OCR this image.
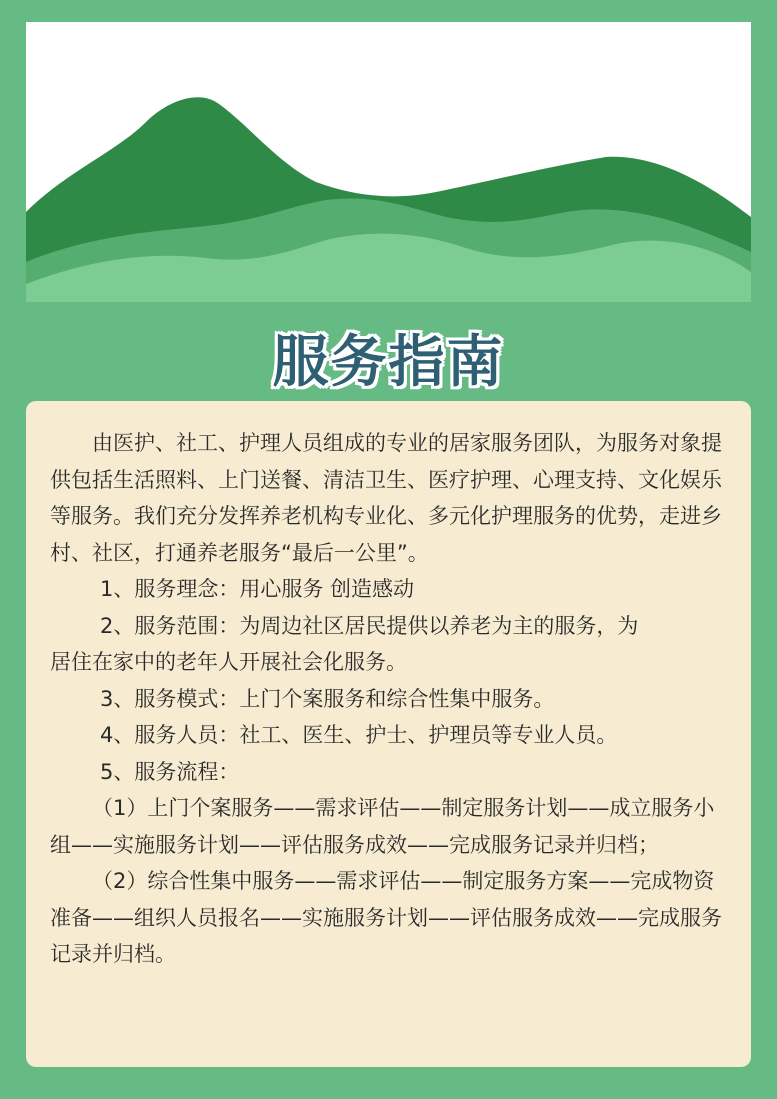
服务指南

由医护、社工、护理人员组成的专业的居家服务团队，为服务对象提供包括生活照料、上门送餐、清洁卫生、医疗护理、心理支持、文化娱乐等服务。我们充分发挥养老机构专业化、多元化护理服务的优势，走进乡村、社区，打通养老服务“最后一公里”。

1、服务理念：用心服务 创造感动

2、服务范围：为周边社区居民提供以养老为主的服务，为

居住在家中的老年人开展社会化服务。

3、服务模式：上门个案服务和综合性集中服务。

4、服务人员：社工、医生、护士、护理员等专业人员。

5、服务流程：

（1）上门个案服务——需求评估——制定服务计划——成立服务小组——实施服务计划——评估服务成效——完成服务记录并归档；

（2）综合性集中服务——需求评估——制定服务方案——完成物资准备——组织人员报名——实施服务计划——评估服务成效——完成服务记录并归档。
